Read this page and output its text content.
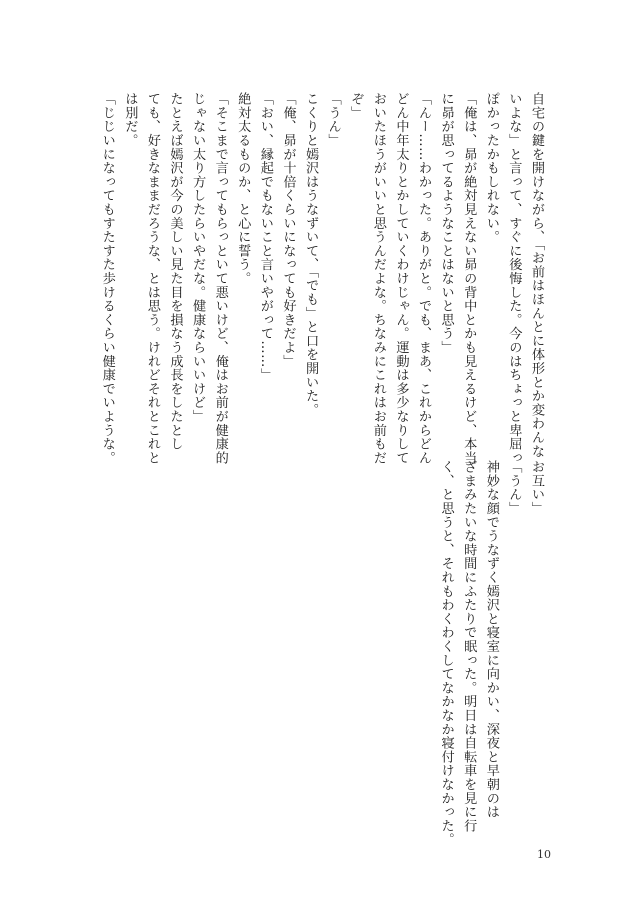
自宅の鍵を開けながら、「お前はほんとに体形とか変わんな

いよな」と言って、すぐに後悔した。今のはちょっと卑屈っ

ぽかったかもしれない。

「俺は、昴が絶対見えない昴の背中とかも見えるけど、本当

に昴が思ってるようなことはないと思う」

「んー……わかった。ありがと。でも、まあ、これからどん

どん中年太りとかしていくわけじゃん。運動は多少なりして

おいたほうがいいと思うんだよな。ちなみにこれはお前もだ

ぞ」

「うん」

こくりと嫣沢はうなずいて、「でも」と口を開いた。

「俺、昴が十倍くらいになっても好きだよ」

「おい、縁起でもないこと言いやがって……」

絶対太るものか、と心に誓う。

「そこまで言ってもらっといて悪いけど、俺はお前が健康的

じゃない太り方したらいやだな。健康ならいいけど」

たとえば嫣沢が今の美しい見た目を損なう成長をしたとし

ても、好きなままだろうな、とは思う。けれどそれとこれと

は別だ。

「じじいになってもすたすた歩けるくらい健康でいような。

お互い」

「うん」

神妙な顔でうなずく嫣沢と寝室に向かい、深夜と早朝のは

ざまみたいな時間にふたりで眠った。明日は自転車を見に行

く、と思うと、それもわくわくしてなかなか寝付けなかった。

10
